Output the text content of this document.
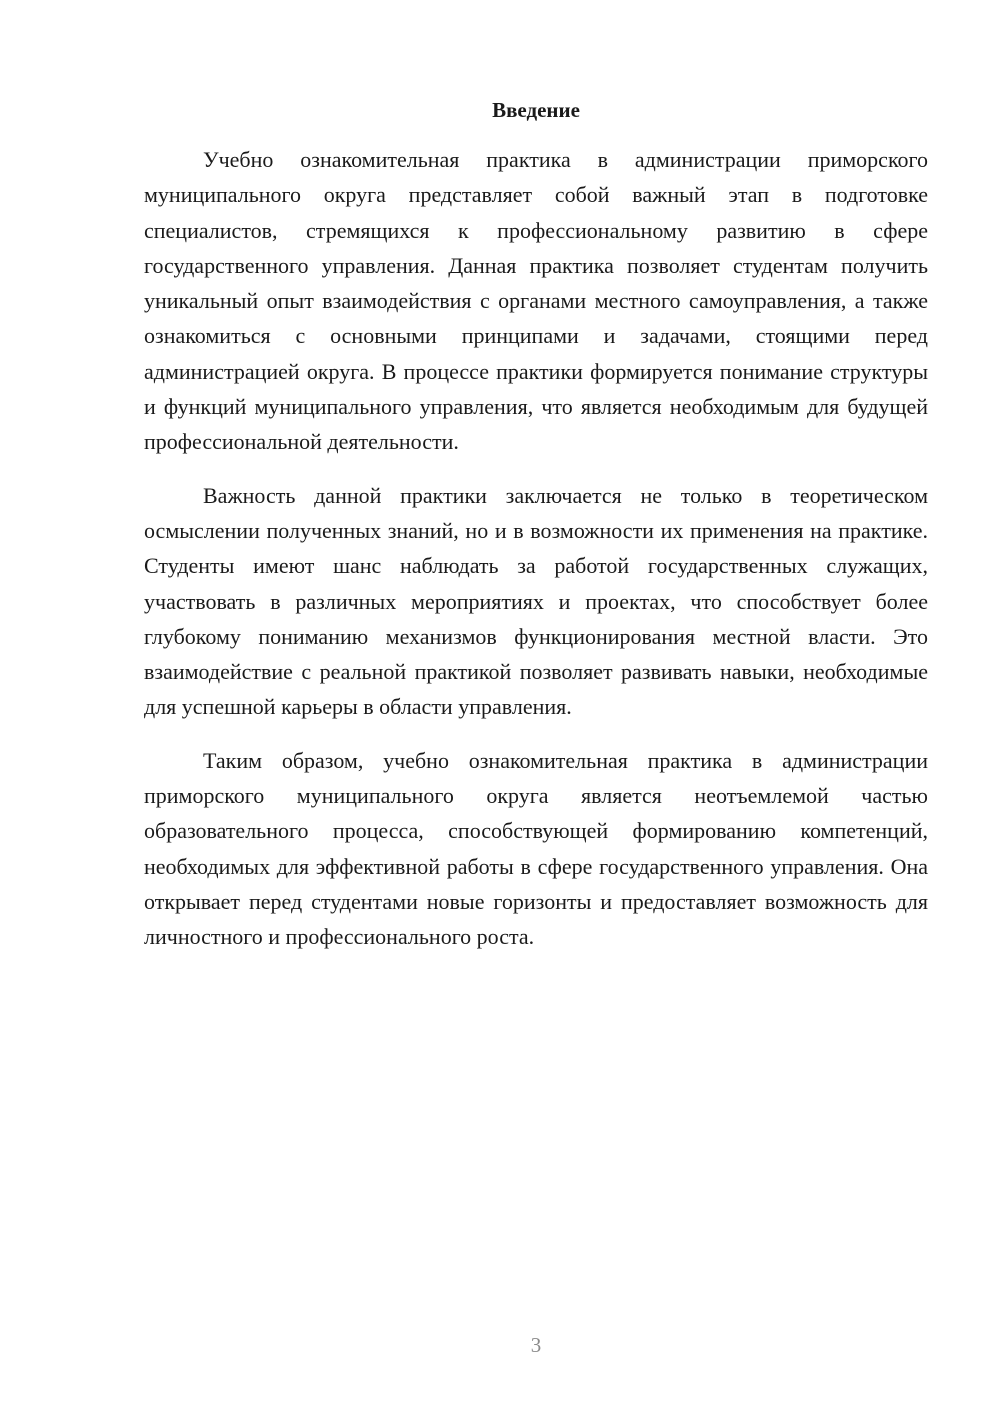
Введение

Учебно ознакомительная практика в администрации приморского муниципального округа представляет собой важный этап в подготовке специалистов, стремящихся к профессиональному развитию в сфере государственного управления. Данная практика позволяет студентам получить уникальный опыт взаимодействия с органами местного самоуправления, а также ознакомиться с основными принципами и задачами, стоящими перед администрацией округа. В процессе практики формируется понимание структуры и функций муниципального управления, что является необходимым для будущей профессиональной деятельности.

Важность данной практики заключается не только в теоретическом осмыслении полученных знаний, но и в возможности их применения на практике. Студенты имеют шанс наблюдать за работой государственных служащих, участвовать в различных мероприятиях и проектах, что способствует более глубокому пониманию механизмов функционирования местной власти. Это взаимодействие с реальной практикой позволяет развивать навыки, необходимые для успешной карьеры в области управления.

Таким образом, учебно ознакомительная практика в администрации приморского муниципального округа является неотъемлемой частью образовательного процесса, способствующей формированию компетенций, необходимых для эффективной работы в сфере государственного управления. Она открывает перед студентами новые горизонты и предоставляет возможность для личностного и профессионального роста.

3
